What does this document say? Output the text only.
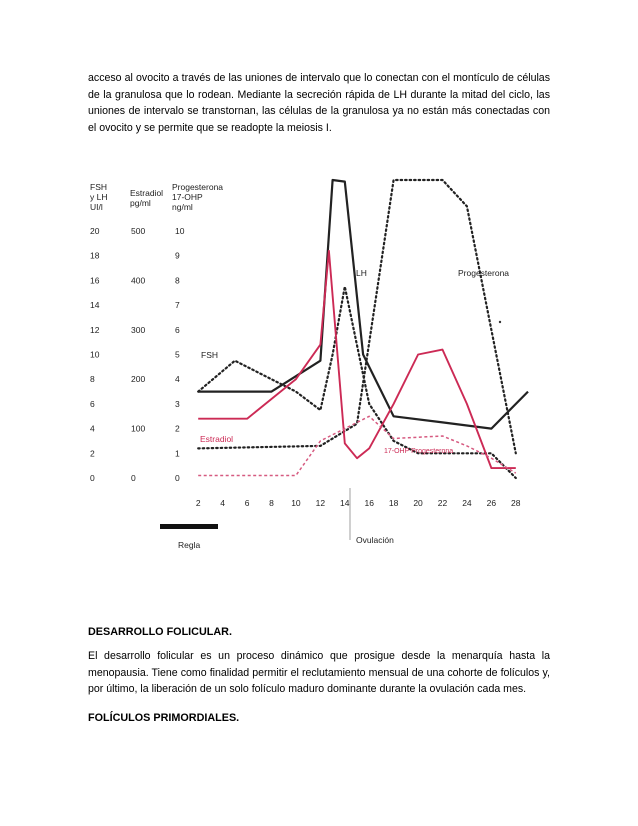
acceso al ovocito a través de las uniones de intervalo que lo conectan con el montículo de células de la granulosa que lo rodean. Mediante la secreción rápida de LH durante la mitad del ciclo, las uniones de intervalo se transtornan, las células de la granulosa ya no están más conectadas con el ovocito y se permite que se readopte la meiosis I.

FSH
y LH
UI/l
Estradiol
pg/ml
Progesterona
17-OHP
ng/ml
20	500	10
18	9
16	400	8
14	7
12	300	6
10	5
8	200	4
6	3
4	100	2
2	1
0	0	0
2 4 6 8 10 12 14 16 18 20 22 24 26 28
Regla	Ovulación
FSH
LH	Progesterona
Estradiol
17-OHP Progesterona

DESARROLLO FOLICULAR.

El desarrollo folicular es un proceso dinámico que prosigue desde la menarquía hasta la menopausia. Tiene como finalidad permitir el reclutamiento mensual de una cohorte de folículos y, por último, la liberación de un solo folículo maduro dominante durante la ovulación cada mes.

FOLÍCULOS PRIMORDIALES.
